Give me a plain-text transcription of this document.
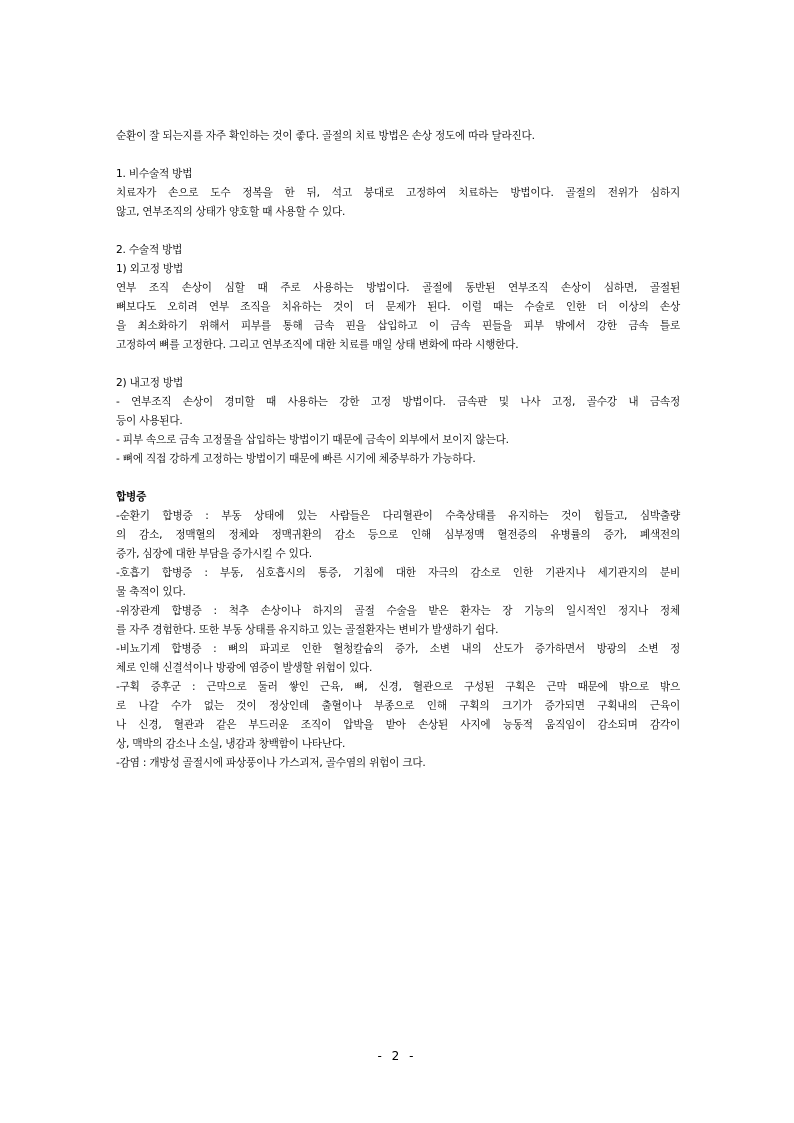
순환이 잘 되는지를 자주 확인하는 것이 좋다. 골절의 치료 방법은 손상 정도에 따라 달라진다.
1. 비수술적 방법
치료자가 손으로 도수 정복을 한 뒤, 석고 붕대로 고정하여 치료하는 방법이다. 골절의 전위가 심하지
않고, 연부조직의 상태가 양호할 때 사용할 수 있다.
2. 수술적 방법
1) 외고정 방법
연부 조직 손상이 심할 때 주로 사용하는 방법이다. 골절에 동반된 연부조직 손상이 심하면, 골절된
뼈보다도 오히려 연부 조직을 치유하는 것이 더 문제가 된다. 이럴 때는 수술로 인한 더 이상의 손상
을 최소화하기 위해서 피부를 통해 금속 핀을 삽입하고 이 금속 핀들을 피부 밖에서 강한 금속 틀로
고정하여 뼈를 고정한다. 그리고 연부조직에 대한 치료를 매일 상태 변화에 따라 시행한다.
2) 내고정 방법
- 연부조직 손상이 경미할 때 사용하는 강한 고정 방법이다. 금속판 및 나사 고정, 골수강 내 금속정
등이 사용된다.
- 피부 속으로 금속 고정물을 삽입하는 방법이기 때문에 금속이 외부에서 보이지 않는다.
- 뼈에 직접 강하게 고정하는 방법이기 때문에 빠른 시기에 체중부하가 가능하다.
합병증
-순환기 합병증 : 부동 상태에 있는 사람들은 다리혈관이 수축상태를 유지하는 것이 힘들고, 심박출량
의 감소, 정맥혈의 정체와 정맥귀환의 감소 등으로 인해 심부정맥 혈전증의 유병률의 증가, 폐색전의
증가, 심장에 대한 부담을 증가시킬 수 있다.
-호흡기 합병증 : 부동, 심호흡시의 통증, 기침에 대한 자극의 감소로 인한 기관지나 세기관지의 분비
물 축적이 있다.
-위장관계 합병증 : 척추 손상이나 하지의 골절 수술을 받은 환자는 장 기능의 일시적인 정지나 정체
를 자주 경험한다. 또한 부동 상태를 유지하고 있는 골절환자는 변비가 발생하기 쉽다.
-비뇨기계 합병증 : 뼈의 파괴로 인한 혈청칼슘의 증가, 소변 내의 산도가 증가하면서 방광의 소변 정
체로 인해 신결석이나 방광에 염증이 발생할 위험이 있다.
-구획 증후군 : 근막으로 둘러 쌓인 근육, 뼈, 신경, 혈관으로 구성된 구획은 근막 때문에 밖으로 밖으
로 나갈 수가 없는 것이 정상인데 출혈이나 부종으로 인해 구획의 크기가 증가되면 구획내의 근육이
나 신경, 혈관과 같은 부드러운 조직이 압박을 받아 손상된 사지에 능동적 움직임이 감소되며 감각이
상, 맥박의 감소나 소실, 냉감과 창백함이 나타난다.
-감염 : 개방성 골절시에 파상풍이나 가스괴저, 골수염의 위험이 크다.
- 2 -
